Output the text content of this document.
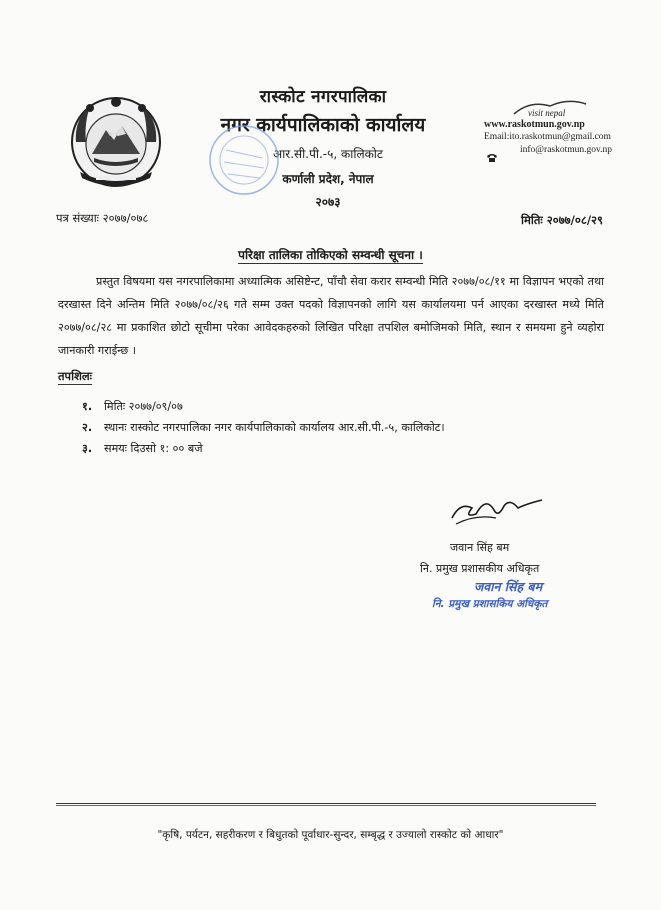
रास्कोट नगरपालिका
नगर कार्यपालिकाको कार्यालय
आर.सी.पी.-५, कालिकोट
कर्णाली प्रदेश, नेपाल
२०७३
visit nepal
www.raskotmun.gov.np
Email:ito.raskotmun@gmail.com
info@raskotmun.gov.np
पत्र संख्याः २०७७/०७८	मितिः २०७७/०८/२९
परिक्षा तालिका तोकिएको सम्वन्धी सूचना ।
प्रस्तुत विषयमा यस नगरपालिकामा अध्यात्मिक असिष्टेन्ट, पाँचौ सेवा करार सम्वन्धी मिति २०७७/०८/११ मा विज्ञापन भएको तथा दरखास्त दिने अन्तिम मिति २०७७/०८/२६ गते सम्म उक्त पदको विज्ञापनको लागि यस कार्यालयमा पर्न आएका दरखास्त मध्ये मिति २०७७/०८/२८ मा प्रकाशित छोटो सूचीमा परेका आवेदकहरुको लिखित परिक्षा तपशिल बमोजिमको मिति, स्थान र समयमा हुने व्यहोरा जानकारी गराईन्छ ।
तपशिलः
१. मितिः २०७७/०९/०७
२. स्थानः रास्कोट नगरपालिका नगर कार्यपालिकाको कार्यालय आर.सी.पी.-५, कालिकोट।
३. समयः दिउसो १: ०० बजे
जवान सिंह बम
नि. प्रमुख प्रशासकीय अधिकृत
जवान सिंह बम
नि. प्रमुख प्रशासकिय अधिकृत
"कृषि, पर्यटन, सहरीकरण र बिधुतको पूर्वाधार-सुन्दर, सम्बृद्ध र उज्यालो रास्कोट को आधार"
